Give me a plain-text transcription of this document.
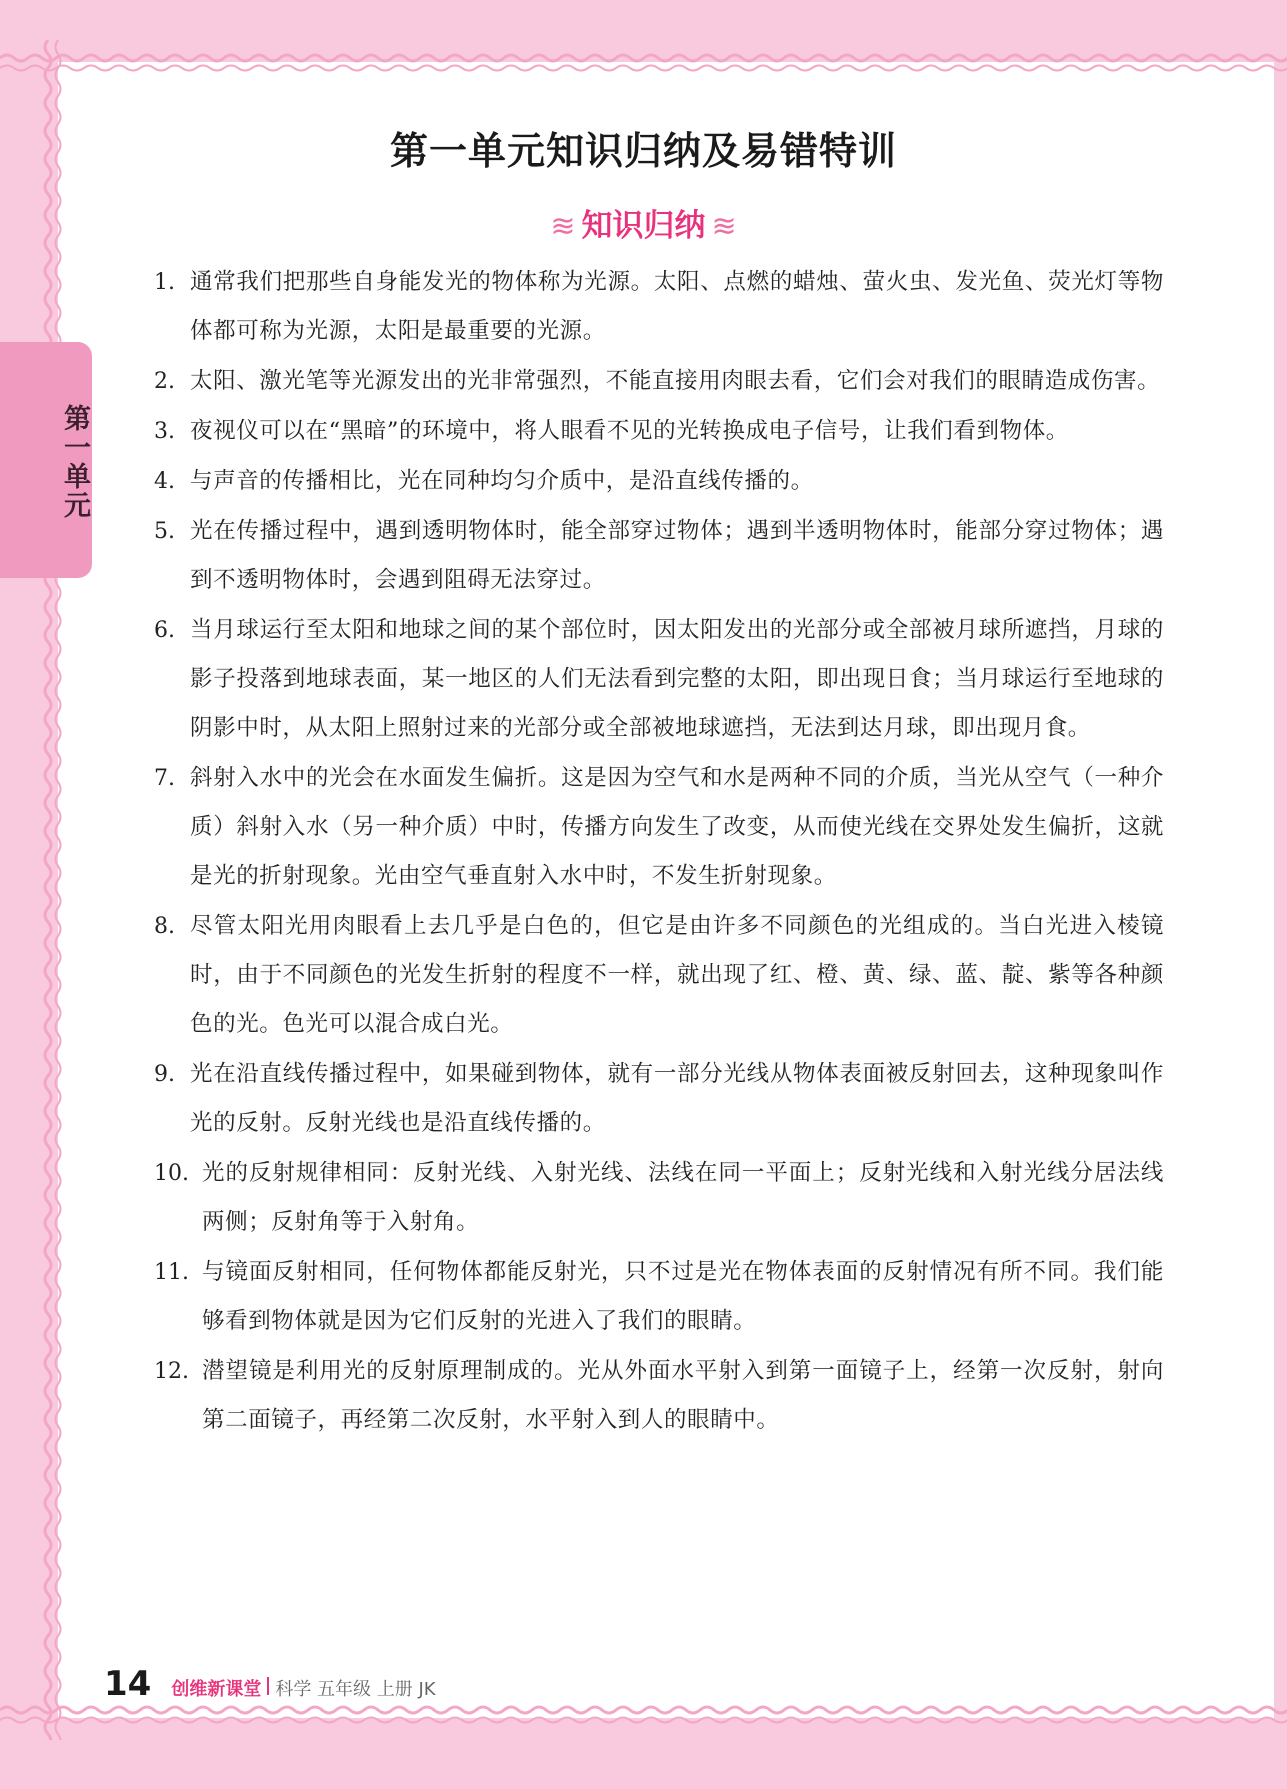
第一单元
第一单元知识归纳及易错特训
≋ 知识归纳 ≋
1. 通常我们把那些自身能发光的物体称为光源。太阳、点燃的蜡烛、萤火虫、发光鱼、荧光灯等物体都可称为光源，太阳是最重要的光源。
2. 太阳、激光笔等光源发出的光非常强烈，不能直接用肉眼去看，它们会对我们的眼睛造成伤害。
3. 夜视仪可以在“黑暗”的环境中，将人眼看不见的光转换成电子信号，让我们看到物体。
4. 与声音的传播相比，光在同种均匀介质中，是沿直线传播的。
5. 光在传播过程中，遇到透明物体时，能全部穿过物体；遇到半透明物体时，能部分穿过物体；遇到不透明物体时，会遇到阻碍无法穿过。
6. 当月球运行至太阳和地球之间的某个部位时，因太阳发出的光部分或全部被月球所遮挡，月球的影子投落到地球表面，某一地区的人们无法看到完整的太阳，即出现日食；当月球运行至地球的阴影中时，从太阳上照射过来的光部分或全部被地球遮挡，无法到达月球，即出现月食。
7. 斜射入水中的光会在水面发生偏折。这是因为空气和水是两种不同的介质，当光从空气（一种介质）斜射入水（另一种介质）中时，传播方向发生了改变，从而使光线在交界处发生偏折，这就是光的折射现象。光由空气垂直射入水中时，不发生折射现象。
8. 尽管太阳光用肉眼看上去几乎是白色的，但它是由许多不同颜色的光组成的。当白光进入棱镜时，由于不同颜色的光发生折射的程度不一样，就出现了红、橙、黄、绿、蓝、靛、紫等各种颜色的光。色光可以混合成白光。
9. 光在沿直线传播过程中，如果碰到物体，就有一部分光线从物体表面被反射回去，这种现象叫作光的反射。反射光线也是沿直线传播的。
10. 光的反射规律相同：反射光线、入射光线、法线在同一平面上；反射光线和入射光线分居法线两侧；反射角等于入射角。
11. 与镜面反射相同，任何物体都能反射光，只不过是光在物体表面的反射情况有所不同。我们能够看到物体就是因为它们反射的光进入了我们的眼睛。
12. 潜望镜是利用光的反射原理制成的。光从外面水平射入到第一面镜子上，经第一次反射，射向第二面镜子，再经第二次反射，水平射入到人的眼睛中。
14 创维新课堂 科学 五年级 上册 JK
